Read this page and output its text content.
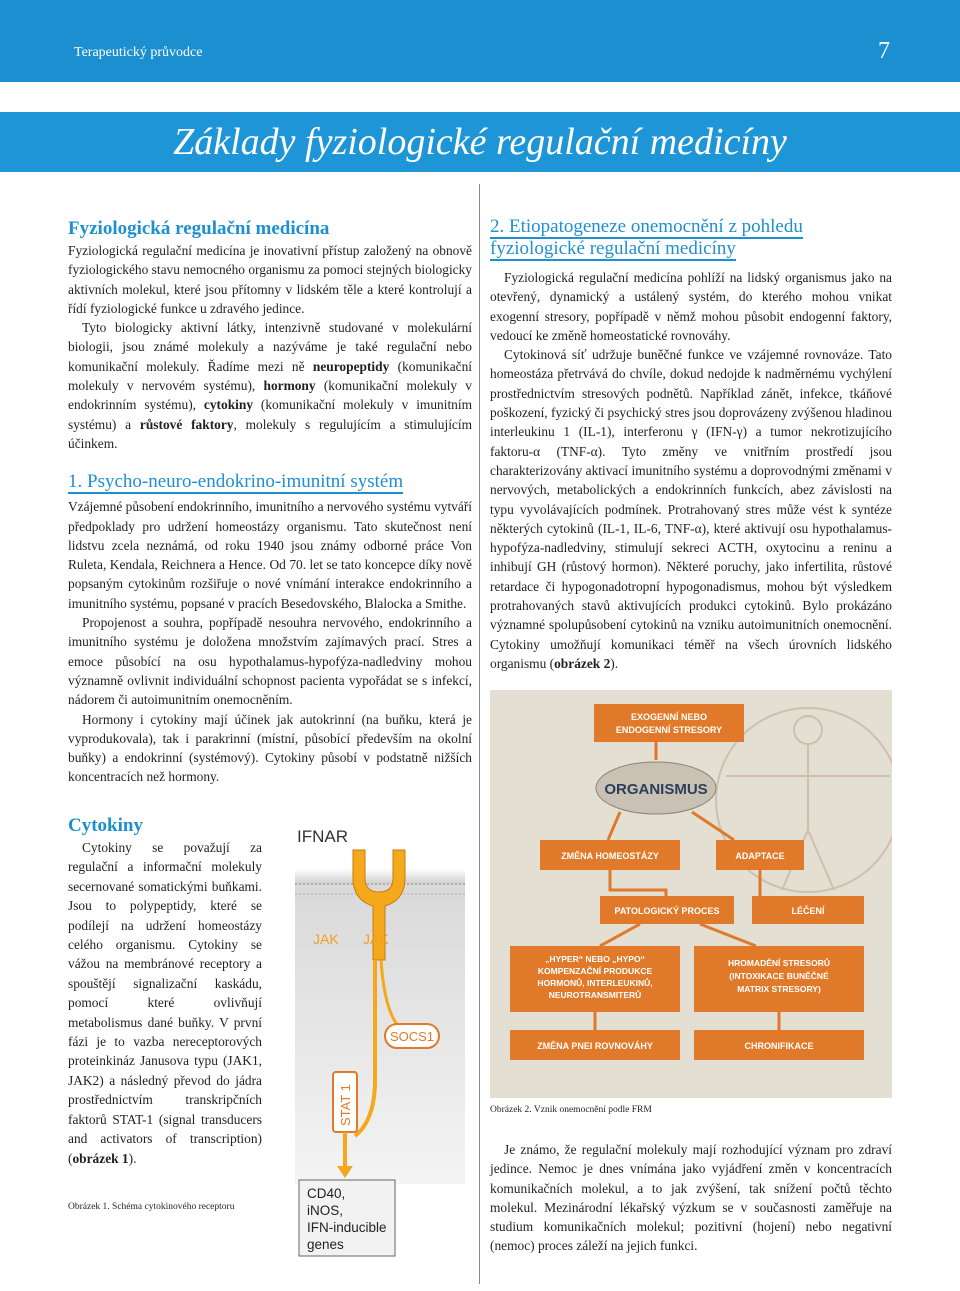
Terapeutický průvodce	7
Základy fyziologické regulační medicíny
Fyziologická regulační medicína

Fyziologická regulační medicína je inovativní přístup založený na obnově fyziologického stavu nemocného organismu za pomoci stejných biologicky aktivních molekul, které jsou přítomny v lidském těle a které kontrolují a řídí fyziologické funkce u zdravého jedince.

Tyto biologicky aktivní látky, intenzivně studované v molekulární biologii, jsou známé molekuly a nazýváme je také regulační nebo komunikační molekuly. Řadíme mezi ně neuropeptidy (komunikační molekuly v nervovém systému), hormony (komunikační molekuly v endokrinním systému), cytokiny (komunikační molekuly v imunitním systému) a růstové faktory, molekuly s regulujícím a stimulujícím účinkem.

1. Psycho-neuro-endokrino-imunitní systém

Vzájemné působení endokrinního, imunitního a nervového systému vytváří předpoklady pro udržení homeostázy organismu. Tato skutečnost není lidstvu zcela neznámá, od roku 1940 jsou známy odborné práce Von Ruleta, Kendala, Reichnera a Hence. Od 70. let se tato koncepce díky nově popsaným cytokinům rozšiřuje o nové vnímání interakce endokrinního a imunitního systému, popsané v pracích Besedovského, Blalocka a Smithe.

Propojenost a souhra, popřípadě nesouhra nervového, endokrinního a imunitního systému je doložena množstvím zajímavých prací. Stres a emoce působící na osu hypothalamus-hypofýza-nadledviny mohou významně ovlivnit individuální schopnost pacienta vypořádat se s infekcí, nádorem či autoimunitním onemocněním.

Hormony i cytokiny mají účinek jak autokrinní (na buňku, která je vyprodukovala), tak i parakrinní (místní, působící především na okolní buňky) a endokrinní (systémový). Cytokiny působí v podstatně nižších koncentracích než hormony.

Cytokiny

Cytokiny se považují za regulační a informační molekuly secernované somatickými buňkami. Jsou to polypeptidy, které se podílejí na udržení homeostázy celého organismu. Cytokiny se vážou na membránové receptory a spouštějí signalizační kaskádu, pomocí které ovlivňují metabolismus dané buňky. V první fázi je to vazba nereceptorových proteinkináz Janusova typu (JAK1, JAK2) a následný převod do jádra prostřednictvím transkripčních faktorů STAT-1 (signal transducers and activators of transcription) (obrázek 1).

Obrázek 1. Schéma cytokinového receptoru
IFNAR
JAK JAK
SOCS1
STAT 1
CD40,
iNOS,
IFN-inducible
genes
2. Etiopatogeneze onemocnění z pohledu
fyziologické regulační medicíny

Fyziologická regulační medicína pohlíží na lidský organismus jako na otevřený, dynamický a ustálený systém, do kterého mohou vnikat exogenní stresory, popřípadě v němž mohou působit endogenní faktory, vedoucí ke změně homeostatické rovnováhy.

Cytokinová síť udržuje buněčné funkce ve vzájemné rovnováze. Tato homeostáza přetrvává do chvíle, dokud nedojde k nadměrnému vychýlení prostřednictvím stresových podnětů. Například zánět, infekce, tkáňové poškození, fyzický či psychický stres jsou doprovázeny zvýšenou hladinou interleukinu 1 (IL-1), interferonu γ (IFN-γ) a tumor nekrotizujícího faktoru-α (TNF-α). Tyto změny ve vnitřním prostředí jsou charakterizovány aktivací imunitního systému a doprovodnými změnami v nervových, metabolických a endokrinních funkcích, abez závislosti na typu vyvolávajících podmínek. Protrahovaný stres může vést k syntéze některých cytokinů (IL-1, IL-6, TNF-α), které aktivují osu hypothalamus-hypofýza-nadledviny, stimulují sekreci ACTH, oxytocinu a reninu a inhibují GH (růstový hormon). Některé poruchy, jako infertilita, růstové retardace či hypogonadotropní hypogonadismus, mohou být výsledkem protrahovaných stavů aktivujících produkci cytokinů. Bylo prokázáno významné spolupůsobení cytokinů na vzniku autoimunitních onemocnění. Cytokiny umožňují komunikaci téměř na všech úrovních lidského organismu (obrázek 2).

EXOGENNÍ NEBO
ENDOGENNÍ STRESORY
ORGANISMUS
ZMĚNA HOMEOSTÁZY	ADAPTACE
PATOLOGICKÝ PROCES	LÉČENÍ
„HYPER“ NEBO „HYPO“
KOMPENZAČNÍ PRODUKCE
HORMONŮ, INTERLEUKINŮ,
NEUROTRANSMITERŮ
HROMADĚNÍ STRESORŮ
(INTOXIKACE BUNĚČNÉ
MATRIX STRESORY)
ZMĚNA PNEI ROVNOVÁHY	CHRONIFIKACE
Obrázek 2. Vznik onemocnění podle FRM

Je známo, že regulační molekuly mají rozhodující význam pro zdraví jedince. Nemoc je dnes vnímána jako vyjádření změn v koncentracích komunikačních molekul, a to jak zvýšení, tak snížení počtů těchto molekul. Mezinárodní lékařský výzkum se v současnosti zaměřuje na studium komunikačních molekul; pozitivní (hojení) nebo negativní (nemoc) proces záleží na jejich funkci.
